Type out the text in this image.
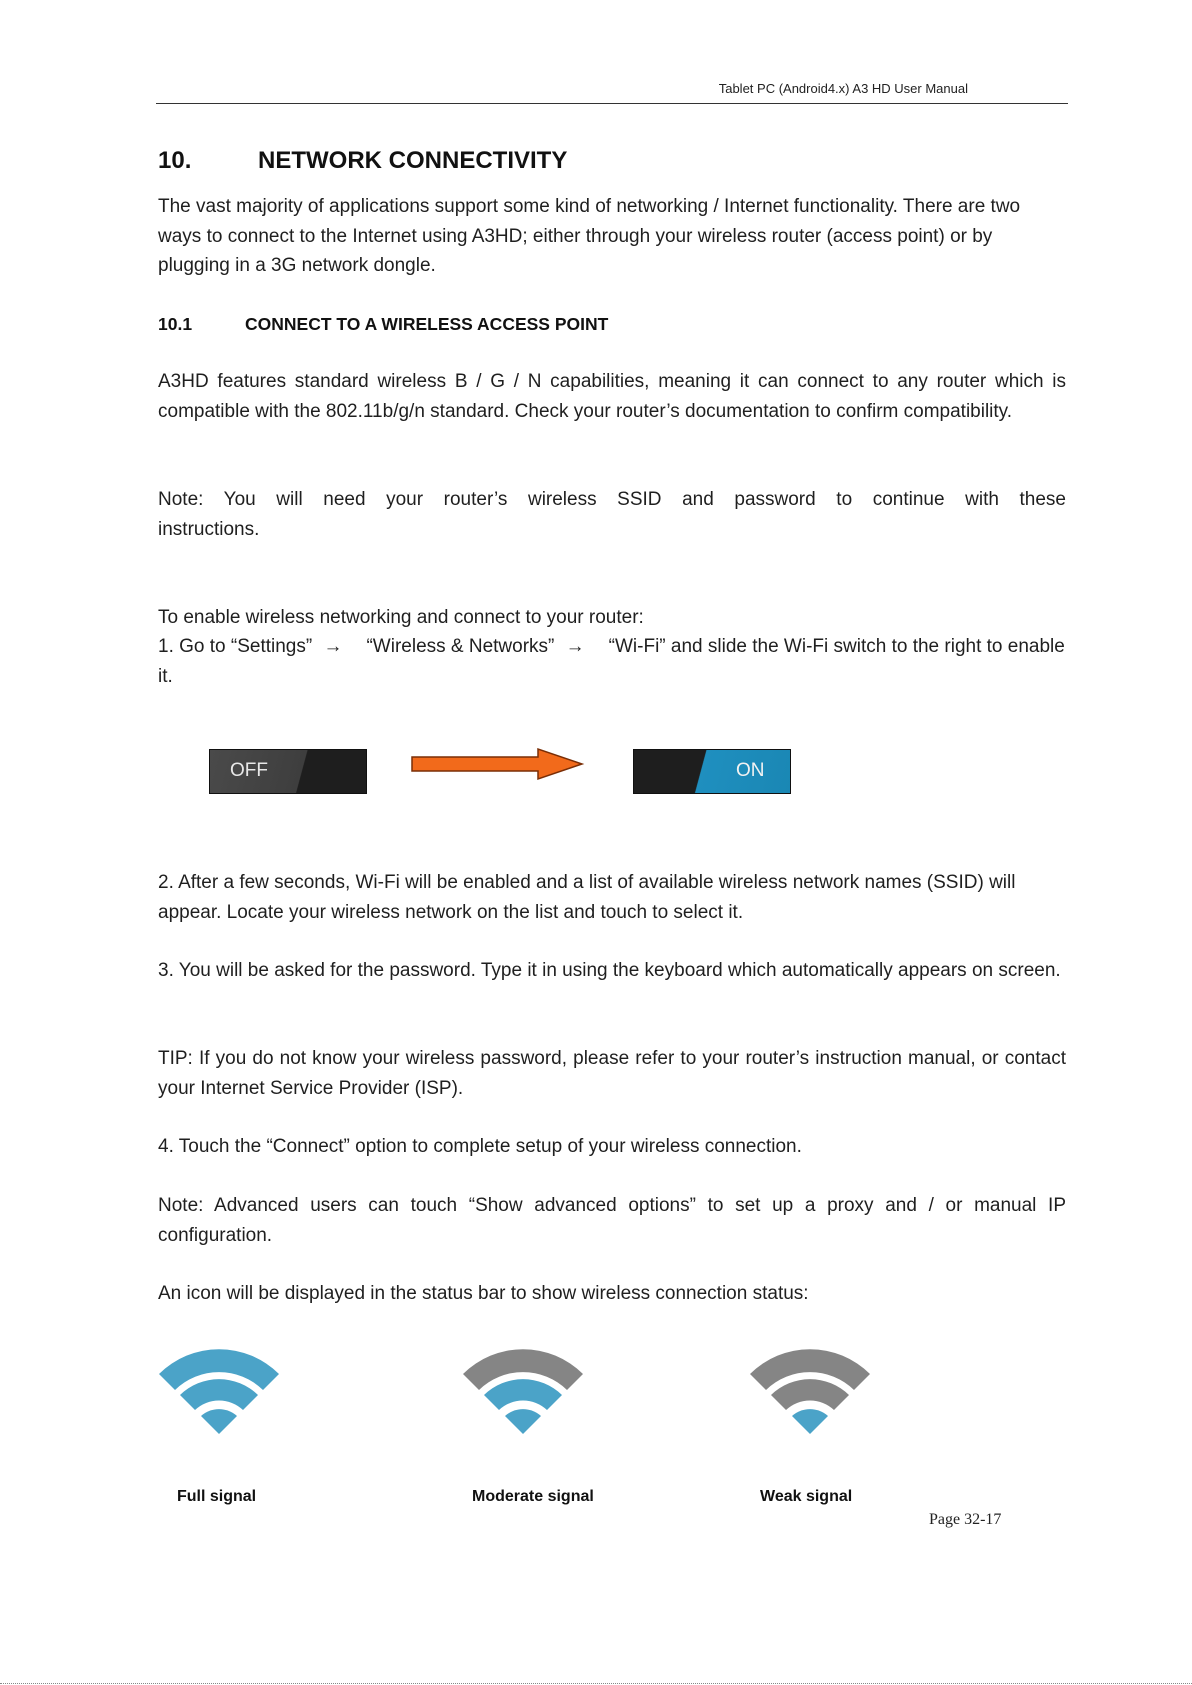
Tablet PC (Android4.x) A3 HD User Manual
10.	NETWORK CONNECTIVITY
The vast majority of applications support some kind of networking / Internet functionality. There are two ways to connect to the Internet using A3HD; either through your wireless router (access point) or by plugging in a 3G network dongle.
10.1	CONNECT TO A WIRELESS ACCESS POINT
A3HD features standard wireless B / G / N capabilities, meaning it can connect to any router which is compatible with the 802.11b/g/n standard. Check your router’s documentation to confirm compatibility.
Note: You will need your router’s wireless SSID and password to continue with these instructions.
To enable wireless networking and connect to your router:
1. Go to “Settings” → “Wireless & Networks” → “Wi-Fi” and slide the Wi-Fi switch to the right to enable it.
OFF	ON
2. After a few seconds, Wi-Fi will be enabled and a list of available wireless network names (SSID) will appear. Locate your wireless network on the list and touch to select it.
3. You will be asked for the password. Type it in using the keyboard which automatically appears on screen.
TIP: If you do not know your wireless password, please refer to your router’s instruction manual, or contact your Internet Service Provider (ISP).
4. Touch the “Connect” option to complete setup of your wireless connection.
Note: Advanced users can touch “Show advanced options” to set up a proxy and / or manual IP configuration.
An icon will be displayed in the status bar to show wireless connection status:
Full signal	Moderate signal	Weak signal
Page 32-17
